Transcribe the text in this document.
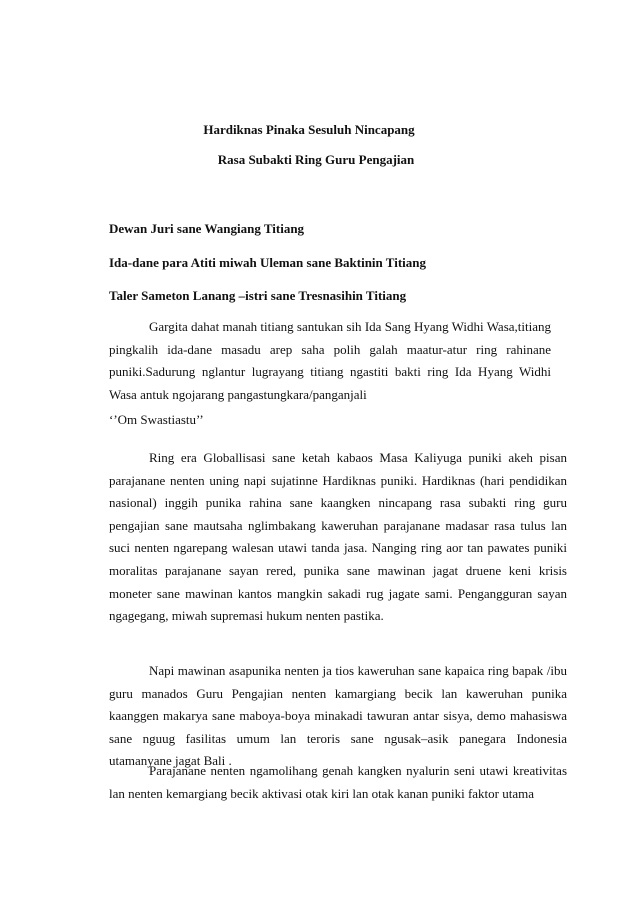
Hardiknas Pinaka Sesuluh Nincapang
Rasa Subakti Ring Guru Pengajian
Dewan Juri sane Wangiang Titiang
Ida-dane para Atiti miwah Uleman sane Baktinin Titiang
Taler Sameton Lanang –istri sane Tresnasihin Titiang

Gargita dahat manah titiang santukan sih Ida Sang Hyang Widhi Wasa,titiang pingkalih ida-dane masadu arep saha polih galah maatur-atur ring rahinane puniki.Sadurung nglantur lugrayang titiang ngastiti bakti ring Ida Hyang Widhi Wasa antuk ngojarang pangastungkara/panganjali

‘’Om Swastiastu’’

Ring era Globallisasi sane ketah kabaos Masa Kaliyuga puniki akeh pisan parajanane nenten uning napi sujatinne Hardiknas puniki. Hardiknas (hari pendidikan nasional) inggih punika rahina sane kaangken nincapang rasa subakti ring guru pengajian sane mautsaha nglimbakang kaweruhan parajanane madasar rasa tulus lan suci nenten ngarepang walesan utawi tanda jasa. Nanging ring aor tan pawates puniki moralitas parajanane sayan rered, punika sane mawinan jagat druene keni krisis moneter sane mawinan kantos mangkin sakadi rug jagate sami. Pengangguran sayan ngagegang, miwah supremasi hukum nenten pastika.

Napi mawinan asapunika nenten ja tios kaweruhan sane kapaica ring bapak /ibu guru manados Guru Pengajian nenten kamargiang becik lan kaweruhan punika kaanggen makarya sane maboya-boya minakadi tawuran antar sisya, demo mahasiswa sane nguug fasilitas umum lan teroris sane ngusak–asik panegara Indonesia utamanyane jagat Bali .

Parajanane nenten ngamolihang genah kangken nyalurin seni utawi kreativitas lan nenten kemargiang becik aktivasi otak kiri lan otak kanan puniki faktor utama
